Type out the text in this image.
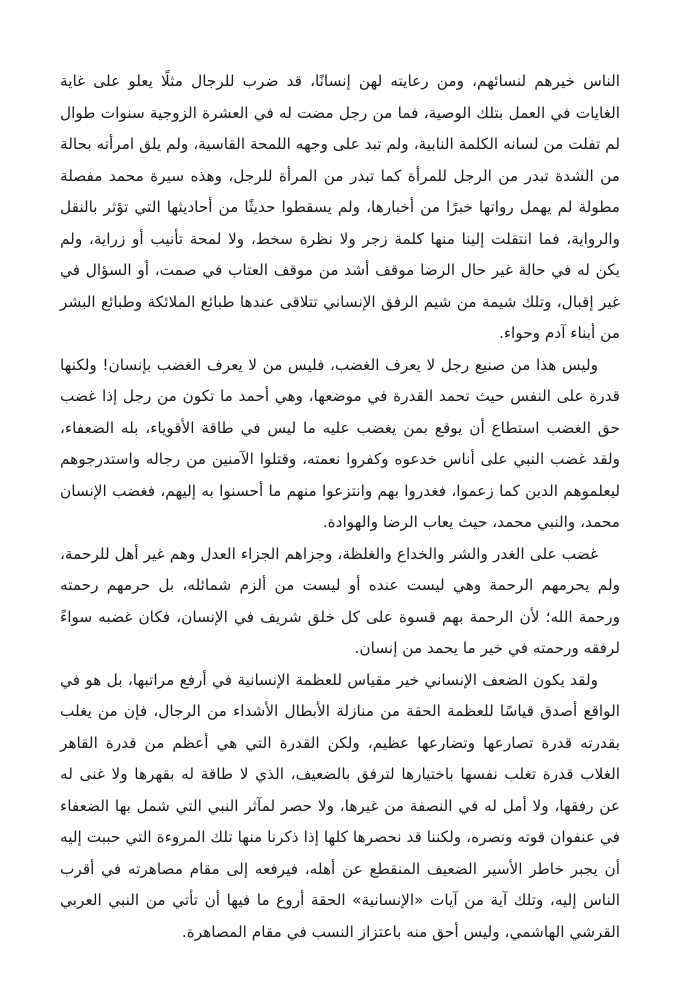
الناس خيرهم لنسائهم، ومن رعايته لهن إنسانًا، قد ضرب للرجال مثلًا يعلو على غاية الغايات في العمل بتلك الوصية، فما من رجل مضت له في العشرة الزوجية سنوات طوال لم تفلت من لسانه الكلمة النابية، ولم تبد على وجهه اللمحة القاسية، ولم يلق امرأته بحالة من الشدة تبدر من الرجل للمرأة كما تبدر من المرأة للرجل، وهذه سيرة محمد مفصلة مطولة لم يهمل رواتها خبرًا من أخبارها، ولم يسقطوا حديثًا من أحاديثها التي تؤثر بالنقل والرواية، فما انتقلت إلينا منها كلمة زجر ولا نظرة سخط، ولا لمحة تأنيب أو زراية، ولم يكن له في حالة غير حال الرضا موقف أشد من موقف العتاب في صمت، أو السؤال في غير إقبال، وتلك شيمة من شيم الرفق الإنساني تتلاقى عندها طبائع الملائكة وطبائع البشر من أبناء آدم وحواء.

وليس هذا من صنيع رجل لا يعرف الغضب، فليس من لا يعرف الغضب بإنسان! ولكنها قدرة على النفس حيث تحمد القدرة في موضعها، وهي أحمد ما تكون من رجل إذا غضب حق الغضب استطاع أن يوقع بمن يغضب عليه ما ليس في طاقة الأقوياء، بله الضعفاء، ولقد غضب النبي على أناس خدعوه وكفروا نعمته، وقتلوا الآمنين من رجاله واستدرجوهم ليعلموهم الدين كما زعموا، فغدروا بهم وانتزعوا منهم ما أحسنوا به إليهم، فغضب الإنسان محمد، والنبي محمد، حيث يعاب الرضا والهوادة.

غضب على الغدر والشر والخداع والغلظة، وجزاهم الجزاء العدل وهم غير أهل للرحمة، ولم يحرمهم الرحمة وهي ليست عنده أو ليست من ألزم شمائله، بل حرمهم رحمته ورحمة الله؛ لأن الرحمة بهم قسوة على كل خلق شريف في الإنسان، فكان غضبه سواءً لرفقه ورحمته في خير ما يحمد من إنسان.

ولقد يكون الضعف الإنساني خير مقياس للعظمة الإنسانية في أرفع مراتبها، بل هو في الواقع أصدق قياسًا للعظمة الحقة من منازلة الأبطال الأشداء من الرجال، فإن من يغلب بقدرته قدرة تصارعها وتضارعها عظيم، ولكن القدرة التي هي أعظم من قدرة القاهر الغلاب قدرة تغلب نفسها باختيارها لترفق بالضعيف، الذي لا طاقة له بقهرها ولا غنى له عن رفقها، ولا أمل له في النصفة من غيرها، ولا حصر لمآثر النبي التي شمل بها الضعفاء في عنفوان قوته ونصره، ولكننا قد نحصرها كلها إذا ذكرنا منها تلك المروءة التي حببت إليه أن يجبر خاطر الأسير الضعيف المنقطع عن أهله، فيرفعه إلى مقام مصاهرته في أقرب الناس إليه، وتلك آية من آيات «الإنسانية» الحقة أروع ما فيها أن تأتي من النبي العربي القرشي الهاشمي، وليس أحق منه باعتزاز النسب في مقام المصاهرة.
